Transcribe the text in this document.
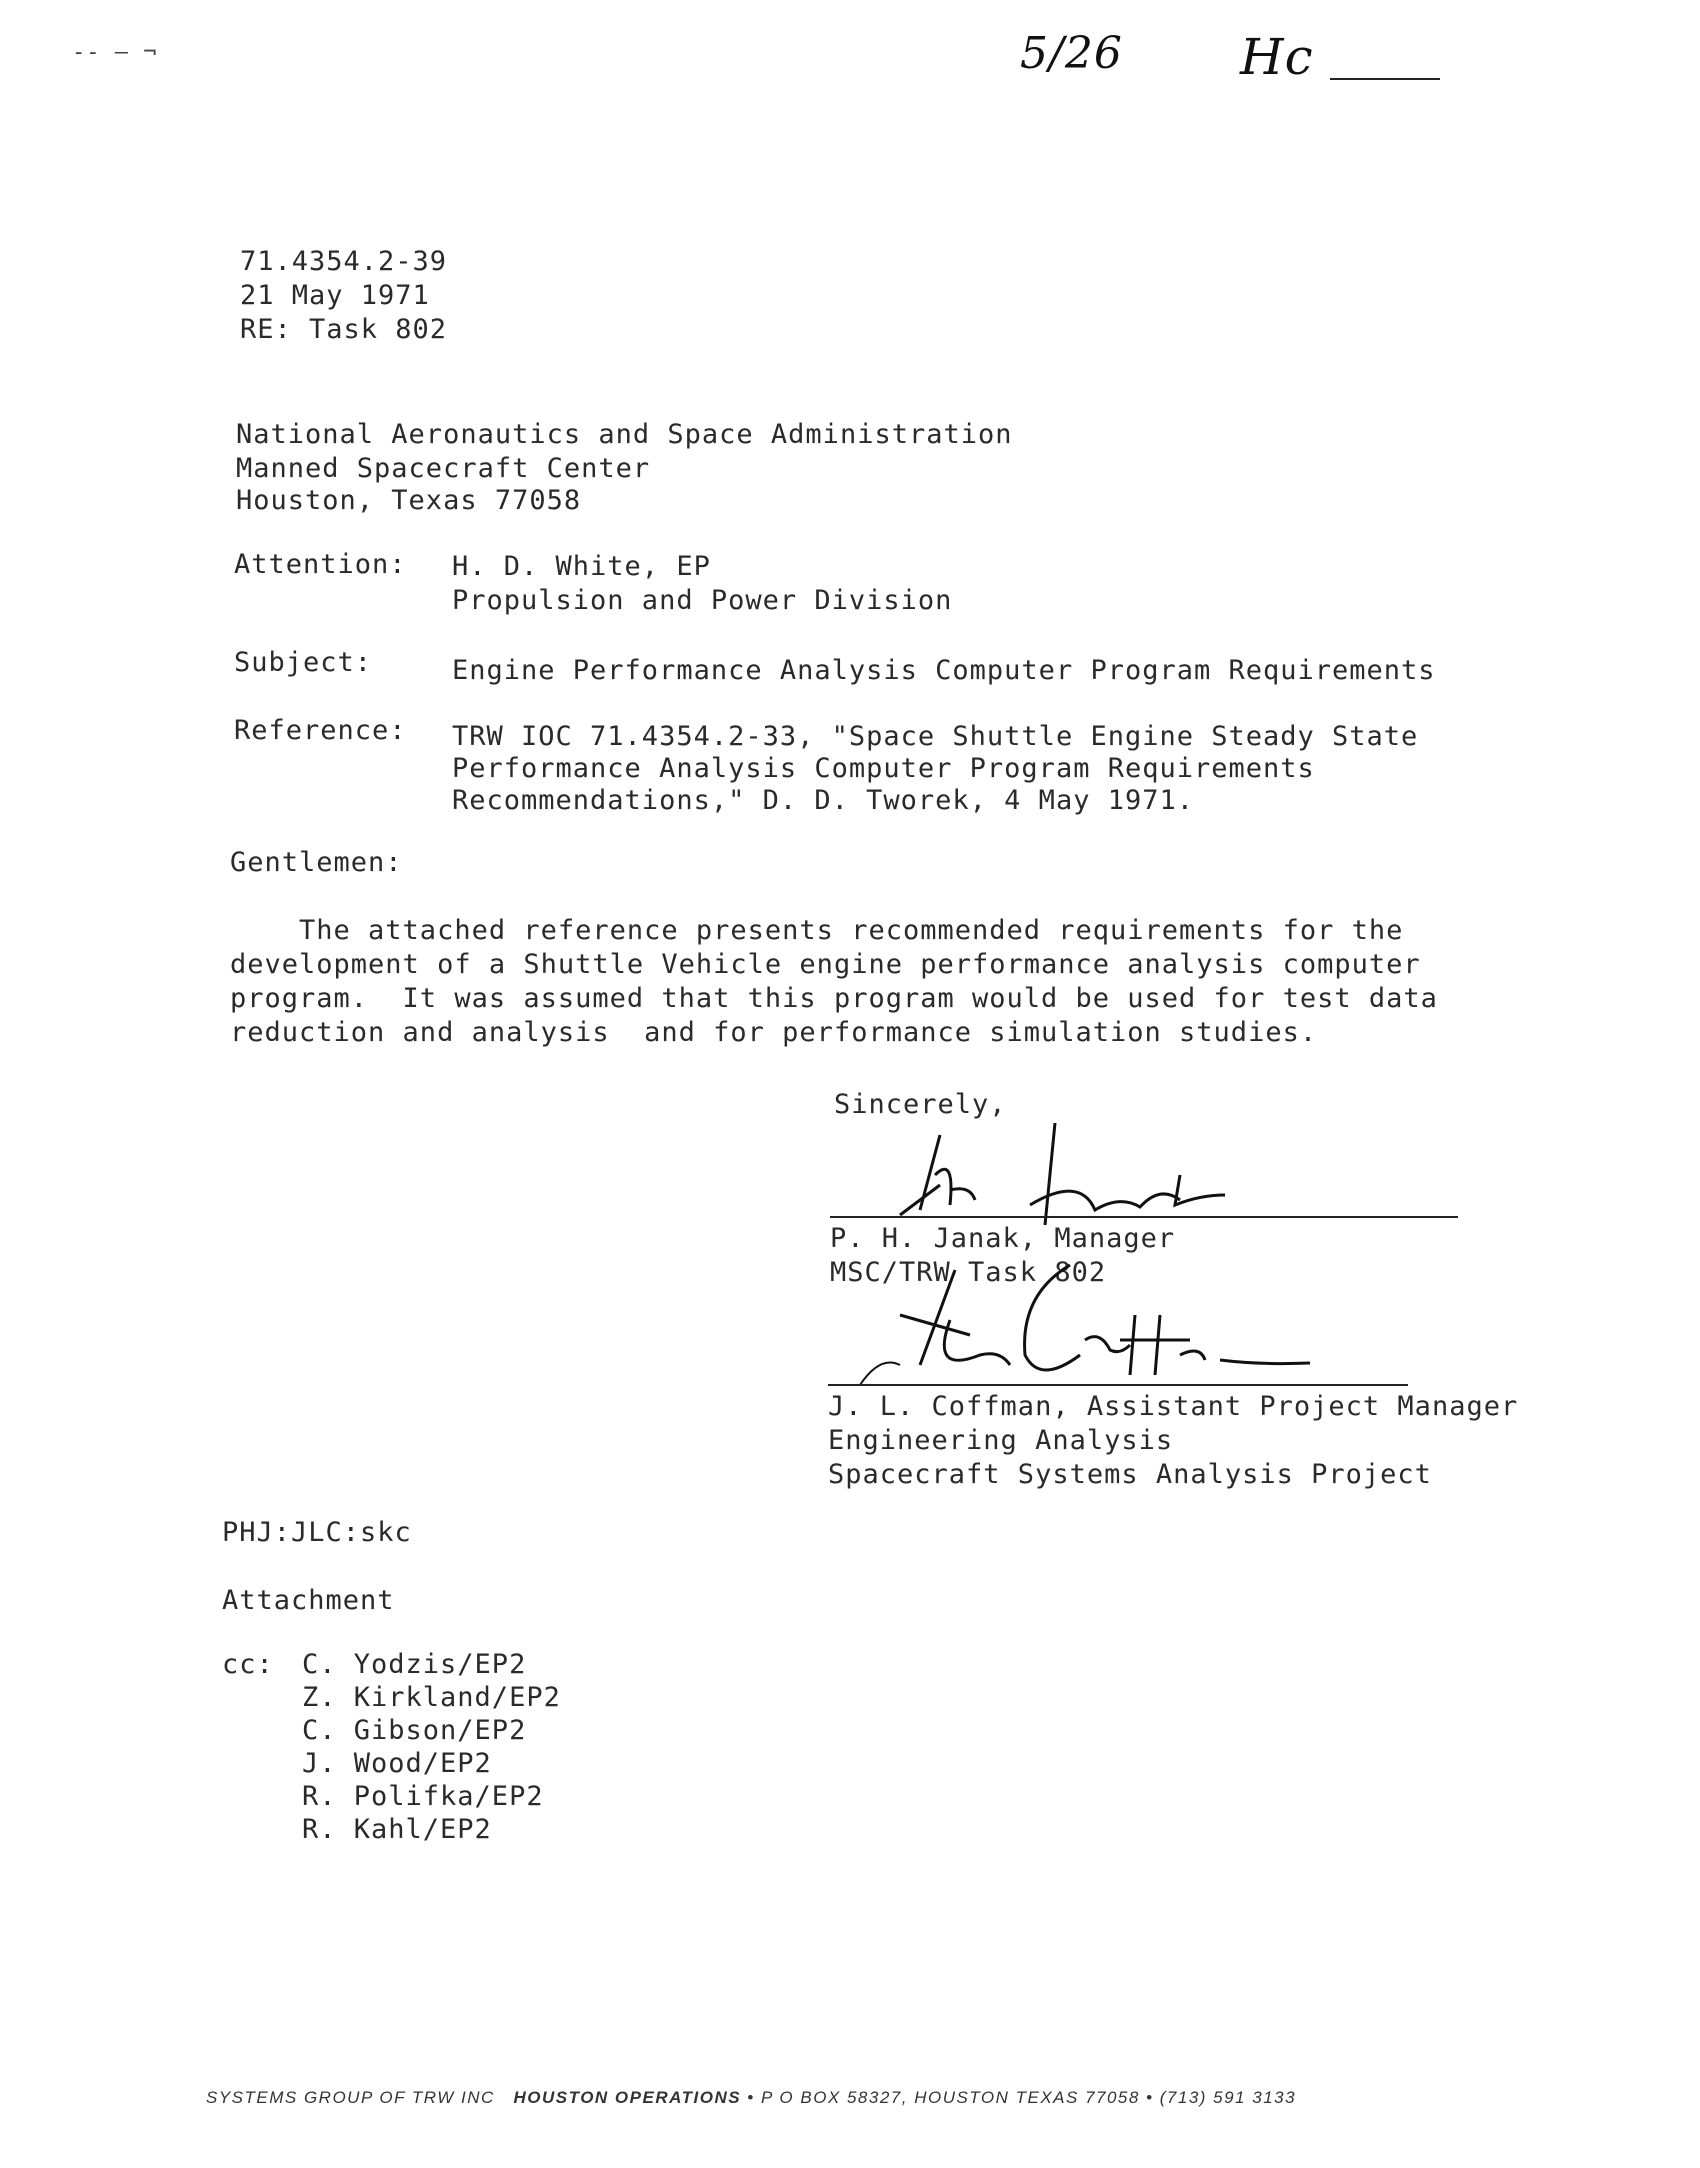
-- — ¬	5/26 Hc
71.4354.2-39
21 May 1971
RE: Task 802
National Aeronautics and Space Administration
Manned Spacecraft Center
Houston, Texas 77058
Attention: H. D. White, EP
Propulsion and Power Division
Subject:	Engine Performance Analysis Computer Program Requirements
Reference: TRW IOC 71.4354.2-33, "Space Shuttle Engine Steady State
Performance Analysis Computer Program Requirements
Recommendations," D. D. Tworek, 4 May 1971.
Gentlemen:
The attached reference presents recommended requirements for the
development of a Shuttle Vehicle engine performance analysis computer
program.  It was assumed that this program would be used for test data
reduction and analysis  and for performance simulation studies.
Sincerely,
P. H. Janak, Manager
MSC/TRW Task 802
J. L. Coffman, Assistant Project Manager
Engineering Analysis
Spacecraft Systems Analysis Project
PHJ:JLC:skc
Attachment
cc: C. Yodzis/EP2
Z. Kirkland/EP2
C. Gibson/EP2
J. Wood/EP2
R. Polifka/EP2
R. Kahl/EP2
SYSTEMS GROUP OF TRW INC HOUSTON OPERATIONS • P O BOX 58327, HOUSTON TEXAS 77058 • (713) 591 3133
